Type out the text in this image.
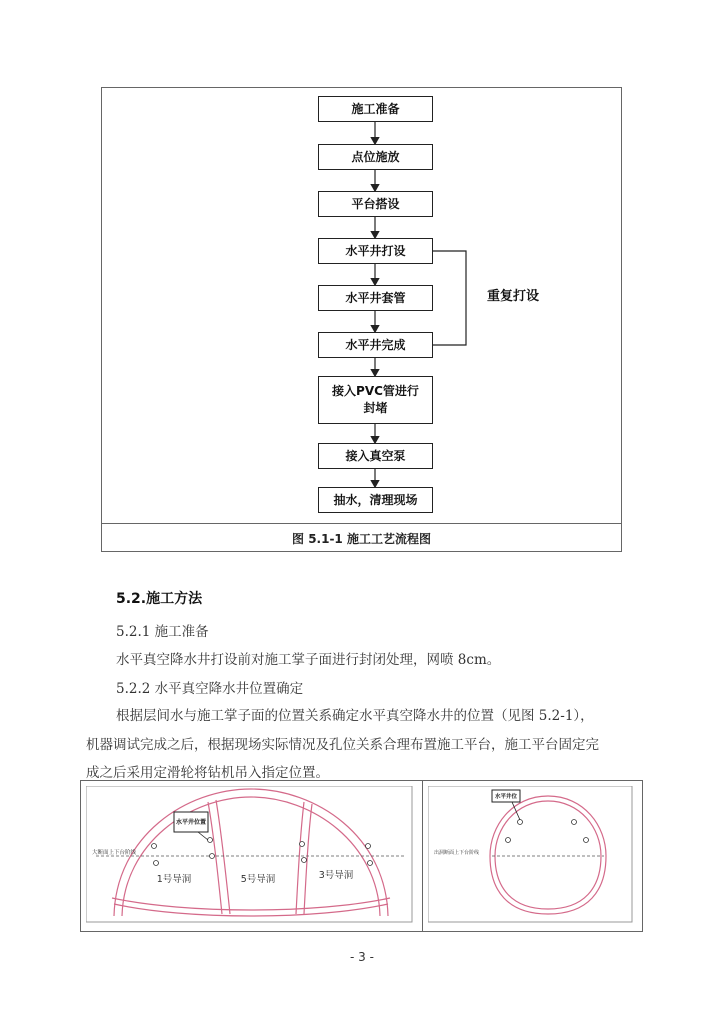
施工准备
点位施放
平台搭设
水平井打设
水平井套管
水平井完成
接入PVC管进行封堵
接入真空泵
抽水，清理现场
重复打设
图 5.1-1 施工工艺流程图
5.2.施工方法
5.2.1 施工准备
水平真空降水井打设前对施工掌子面进行封闭处理，网喷 8cm。
5.2.2 水平真空降水井位置确定
根据层间水与施工掌子面的位置关系确定水平真空降水井的位置（见图 5.2-1），
机器调试完成之后，根据现场实际情况及孔位关系合理布置施工平台，施工平台固定完
成之后采用定滑轮将钻机吊入指定位置。
水平井位置
大断面上下台阶线
1号导洞	5号导洞	3号导洞
水平井位
出洞断面上下台阶线
- 3 -
